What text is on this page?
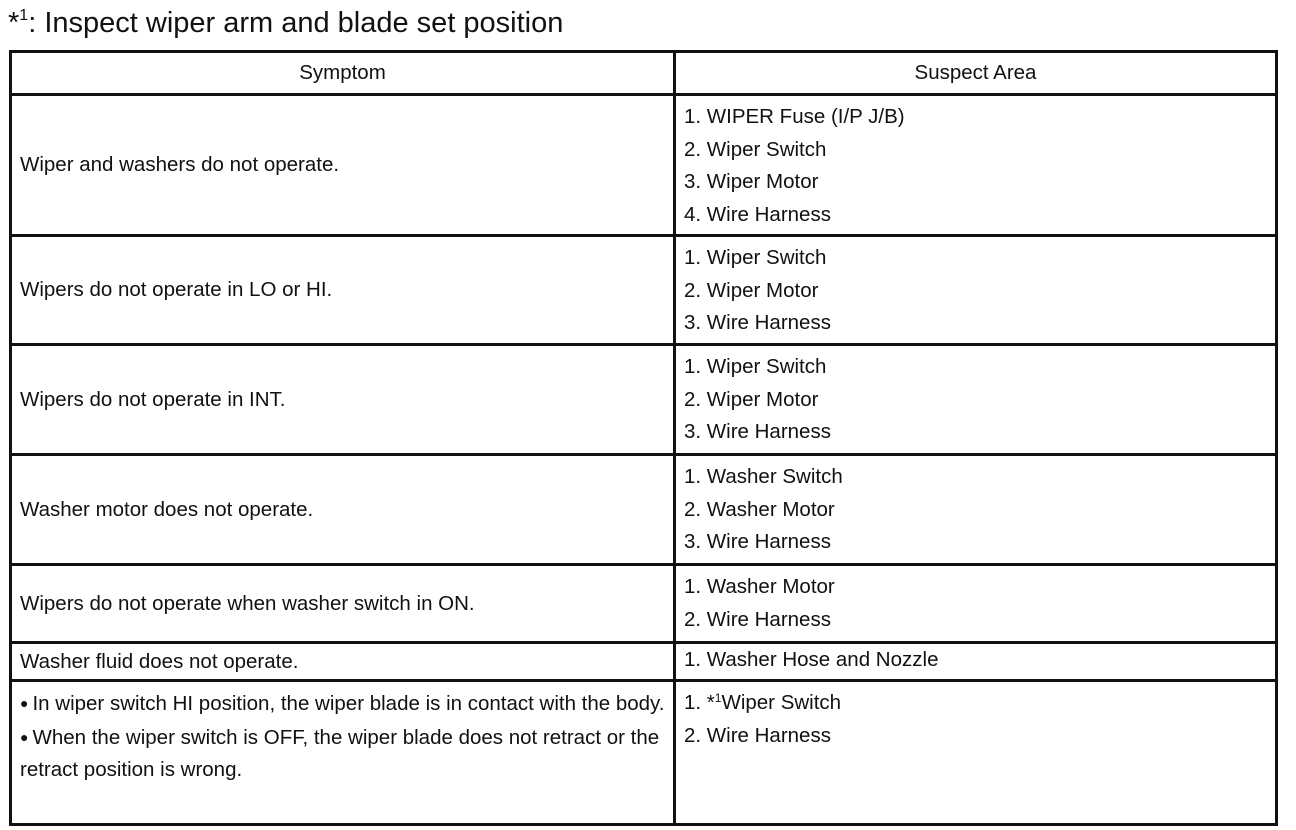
*$^1$: Inspect wiper arm and blade set position
Symptom	Suspect Area
Wiper and washers do not operate.	1. WIPER Fuse (I/P J/B)
2. Wiper Switch
3. Wiper Motor
4. Wire Harness

Wipers do not operate in LO or HI.	1. Wiper Switch
2. Wiper Motor
3. Wire Harness

Wipers do not operate in INT.	1. Wiper Switch
2. Wiper Motor
3. Wire Harness

Washer motor does not operate.	1. Washer Switch
2. Washer Motor
3. Wire Harness

Wipers do not operate when washer switch in ON.	1. Washer Motor
2. Wire Harness

Washer fluid does not operate.	1. Washer Hose and Nozzle

● In wiper switch HI position, the wiper blade is in contact with the body.
● When the wiper switch is OFF, the wiper blade does not retract or the retract position is wrong.	1. *$^1$Wiper Switch
2. Wire Harness
